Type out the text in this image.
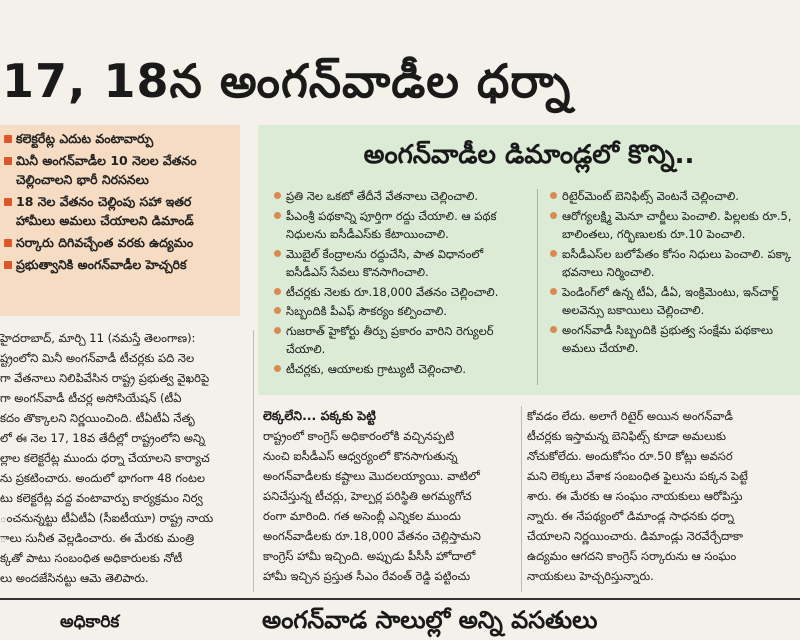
17, 18న అంగన్‌వాడీల ధర్నా
కలెక్టరేట్ల ఎదుట వంటావార్పు
మినీ అంగన్‌వాడీల 10 నెలల వేతనం
చెల్లించాలని భారీ నిరసనలు
18 నెల వేతనం చెల్లింపు సహా ఇతర
హామీలు అమలు చేయాలని డిమాండ్
సర్కారు దిగివచ్చేంత వరకు ఉద్యమం
ప్రభుత్వానికి అంగన్‌వాడీల హెచ్చరిక
అంగన్‌వాడీల డిమాండ్లలో కొన్ని..
ప్రతి నెల ఒకటో తేదీనే వేతనాలు చెల్లించాలి.
పీఎంశ్రీ పథకాన్ని పూర్తిగా రద్దు చేయాలి. ఆ పథక నిధులను ఐసీడీఎస్‌కు కేటాయించాలి.
మొబైల్ కేంద్రాలను రద్దుచేసి, పాత విధానంలో ఐసీడీఎస్ సేవలు కొనసాగించాలి.
టీచర్లకు నెలకు రూ.18,000 వేతనం చెల్లించాలి.
సిబ్బందికి పీఎఫ్ సౌకర్యం కల్పించాలి.
గుజరాత్ హైకోర్టు తీర్పు ప్రకారం వారిని రెగ్యులర్ చేయాలి.
టీచర్లకు, ఆయాలకు గ్రాట్యుటీ చెల్లించాలి.
రిటైర్‌మెంట్ బెనిఫిట్స్ వెంటనే చెల్లించాలి.
ఆరోగ్యలక్ష్మి మెనూ చార్జీలు పెంచాలి. పిల్లలకు రూ.5, బాలింతలు, గర్భిణులకు రూ.10 పెంచాలి.
ఐసీడీఎస్‌ల బలోపేతం కోసం నిధులు పెంచాలి. పక్కా భవనాలు నిర్మించాలి.
పెండింగ్‌లో ఉన్న టీఏ, డీఏ, ఇంక్రిమెంటు, ఇన్‌చార్జ్ అలవెన్సు బకాయిలు చెల్లించాలి.
అంగన్‌వాడీ సిబ్బందికి ప్రభుత్వ సంక్షేమ పథకాలు అమలు చేయాలి.

హైదరాబాద్, మార్చి 11 (నమస్తే తెలంగాణ):

ష్ట్రంలోని మినీ అంగన్‌వాడీ టీచర్లకు పది నెల

గా వేతనాలు నిలిపివేసిన రాష్ట్ర ప్రభుత్వ వైఖరిపై

గా అంగన్‌వాడీ టీచర్ల అసోసియేషన్ (టీఏ

కదం తొక్కాలని నిర్ణయించింది. టీఏటీఏ నేతృ

లో ఈ నెల 17, 18వ తేదీల్లో రాష్ట్రంలోని అన్ని

ల్లాల కలెక్టరేట్ల ముందు ధర్నా చేయాలని కార్యాచ

ను ప్రకటించారు. అందులో భాగంగా 48 గంటల

టు కలెక్టరేట్ల వద్ద వంటావార్పు కార్యక్రమం నిర్వ

ంచనున్నట్టు టీఏటీఏ (సీఐటీయూ) రాష్ట్ర నాయ

ాలు సునీత వెల్లడించారు. ఈ మేరకు మంత్రి

క్కతో పాటు సంబంధిత అధికారులకు నోటీ

లు అందజేసినట్టు ఆమె తెలిపారు.

లెక్కలేని... పక్కకు పెట్టి

రాష్ట్రంలో కాంగ్రెస్ అధికారంలోకి వచ్చినప్పటి

నుంచి ఐసీడీఎస్ ఆధ్వర్యంలో కొనసాగుతున్న

అంగన్‌వాడీలకు కష్టాలు మొదలయ్యాయి. వాటిలో

పనిచేస్తున్న టీచర్లు, హెల్పర్ల పరిస్థితి అగమ్యగోచ

రంగా మారింది. గత అసెంబ్లీ ఎన్నికల ముందు

అంగన్‌వాడీలకు రూ.18,000 వేతనం చెల్లిస్తామని

కాంగ్రెస్ హామీ ఇచ్చింది. అప్పుడు పీసీసీ హోదాలో

హామీ ఇచ్చిన ప్రస్తుత సీఎం రేవంత్ రెడ్డి పట్టించు

కోవడం లేదు. అలాగే రిటైర్ అయిన అంగన్‌వాడీ

టీచర్లకు ఇస్తామన్న బెనిఫిట్స్ కూడా అమలుకు

నోచుకోలేదు. అందుకోసం రూ.50 కోట్లు అవసర

మని లెక్కలు వేశాక సంబంధిత ఫైలును పక్కన పెట్టే

శారు. ఈ మేరకు ఆ సంఘం నాయకులు ఆరోపిస్తు

న్నారు. ఈ నేపథ్యంలో డిమాండ్ల సాధనకు ధర్నా

చేయాలని నిర్ణయించారు. డిమాండ్లు నెరవేర్చేదాకా

ఉద్యమం ఆగదని కాంగ్రెస్ సర్కారును ఆ సంఘం

నాయకులు హెచ్చరిస్తున్నారు.

అధికారిక	అంగన్‌వాడ సాలుల్లో అన్ని వసతులు
